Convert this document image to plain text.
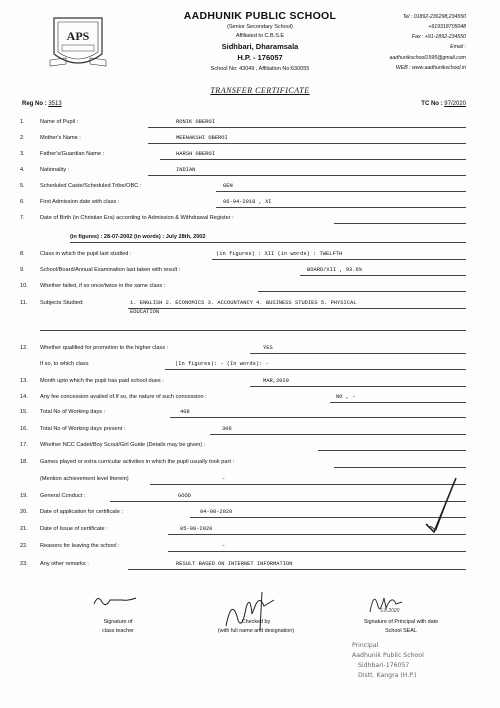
APS
AADHUNIK PUBLIC SCHOOL
(Senior Secondary School)
Affiliated to C.B.S.E
Sidhbari, Dharamsala
H.P. - 176057
School No: 43049 , Affiliation No:630055
Tel : 01892-236298,234550
+919318705048
Fax : +91-1892-234550
Email :
aadhunikschool1995@gmail.com
WEB : www.aadhunikschool.in
TRANSFER CERTIFICATE
Reg No : 3513	TC No : 97/2020
1.	Name of Pupil :	RONIK OBEROI
2.	Mother's Name :	MEENAKSHI OBEROI
3.	Father's/Guardian Name :	HARSH OBEROI
4.	Nationality :	INDIAN
5.	Scheduled Caste/Scheduled Tribe/OBC :	GEN
6.	First Admission date with class :	06-04-2018 , XI
7.	Date of Birth (in Christian Era) according to Admission & Withdrawal Register :
(in figures) : 28-07-2002 (in words) : July 28th, 2002
8.	Class in which the pupil last studied :	(in figures) : XII (in words) : TWELFTH
9.	School/Board/Annual Examination last taken with result :	BOARD/XII , 93.6%
10. Whether failed, if so once/twice in the same class :
11. Subjects Studied:	1. ENGLISH 2. ECONOMICS 3. ACCOUNTANCY 4. BUSINESS STUDIES 5. PHYSICAL
EDUCATION
12. Whether qualified for promotion to the higher class :	YES
If so, to which class	(In figures): - (In words): -
13. Month upto which the pupil has paid school dues :	MAR,2020
14. Any fee concession availed of.If so, the nature of such concession :	NO , -
15. Total No of Working days :	408
16. Total No of Working days present :	306
17. Whether NCC Cadet/Boy Scout/Girl Guide (Details may be given) :
18. Games played or extra curricular activities in which the pupil usually took part :
(Mention achievement level therein)	-
19. General Conduct :	GOOD
20. Date of application for certificate :	04-08-2020
21. Date of Issue of certificate :	05-08-2020
22. Reasons for leaving the school :	-
23. Any other remarks :	RESULT BASED ON INTERNET INFORMATION
Signature of
class teacher
Checked by
(with full name and designation)
5.8.2020
Signature of Principal with date
School SEAL
Principal
Aadhunik Public School
Sidhbari-176057
Distt. Kangra (H.P.)
